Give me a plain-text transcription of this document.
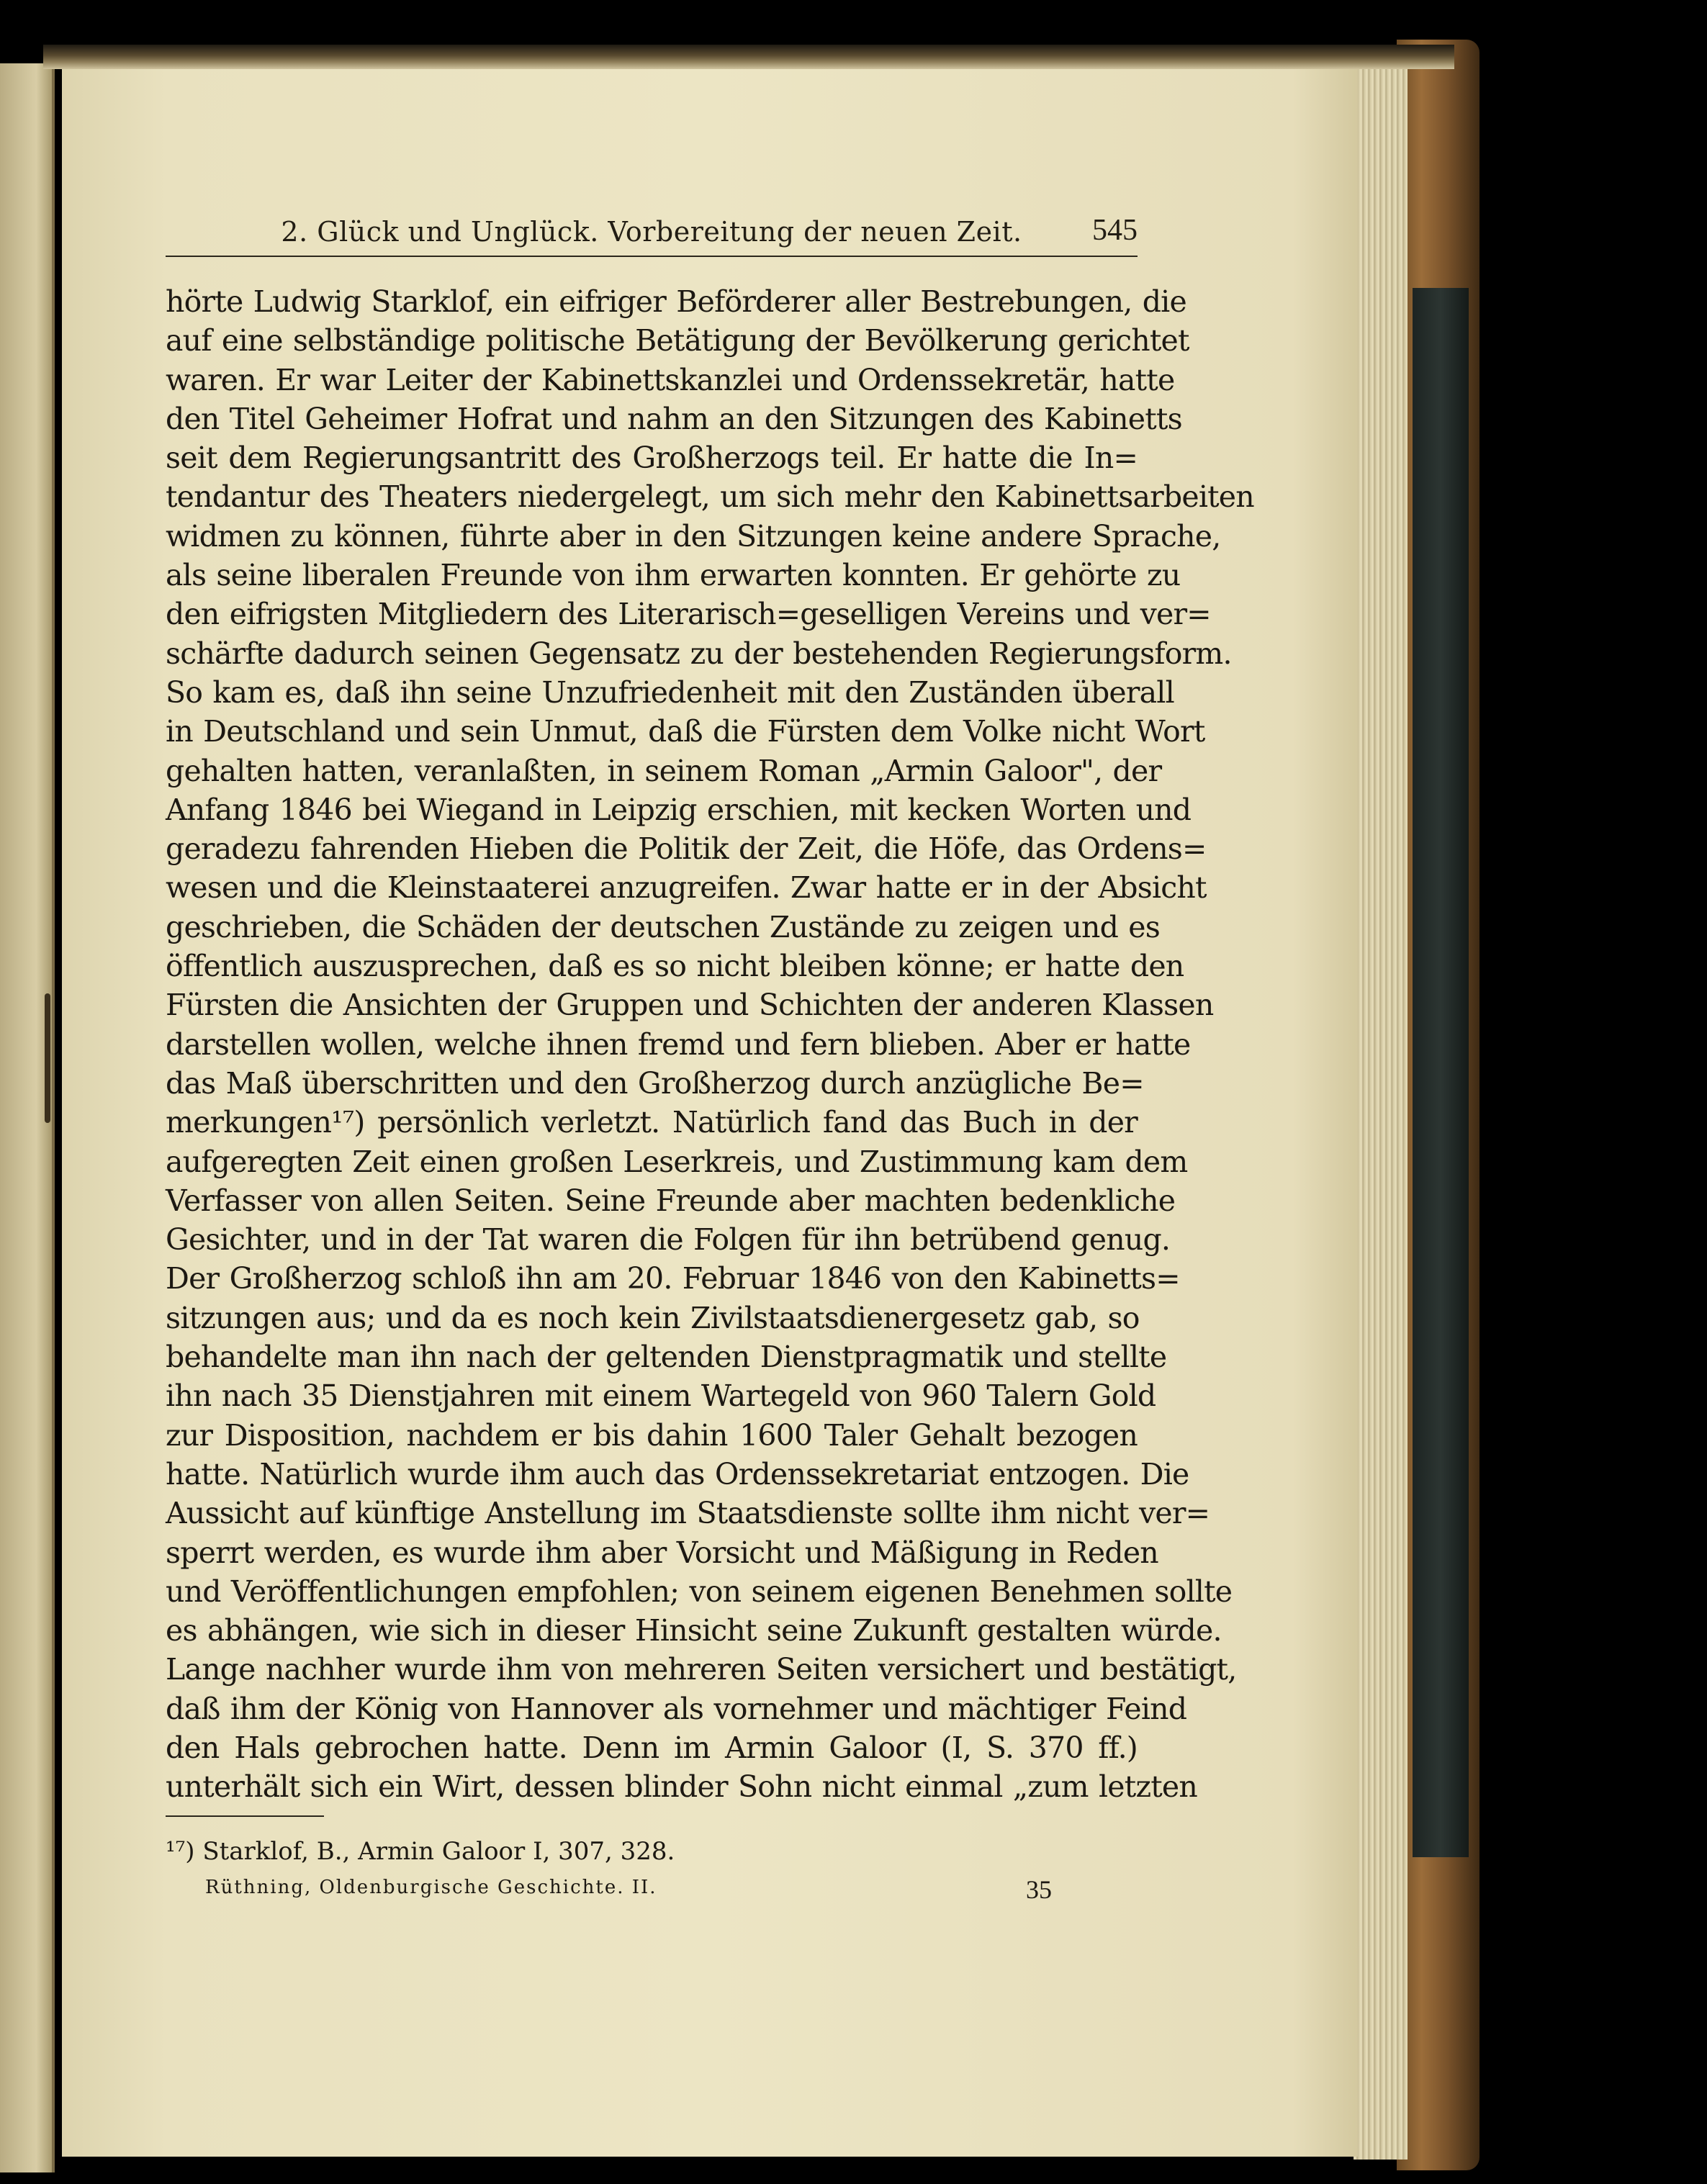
2. Glück und Unglück. Vorbereitung der neuen Zeit.	545
hörte Ludwig Starklof, ein eifriger Beförderer aller Bestrebungen, die
auf eine selbständige politische Betätigung der Bevölkerung gerichtet
waren. Er war Leiter der Kabinettskanzlei und Ordenssekretär, hatte
den Titel Geheimer Hofrat und nahm an den Sitzungen des Kabinetts
seit dem Regierungsantritt des Großherzogs teil. Er hatte die In=
tendantur des Theaters niedergelegt, um sich mehr den Kabinettsarbeiten
widmen zu können, führte aber in den Sitzungen keine andere Sprache,
als seine liberalen Freunde von ihm erwarten konnten. Er gehörte zu
den eifrigsten Mitgliedern des Literarisch=geselligen Vereins und ver=
schärfte dadurch seinen Gegensatz zu der bestehenden Regierungsform.
So kam es, daß ihn seine Unzufriedenheit mit den Zuständen überall
in Deutschland und sein Unmut, daß die Fürsten dem Volke nicht Wort
gehalten hatten, veranlaßten, in seinem Roman „Armin Galoor", der
Anfang 1846 bei Wiegand in Leipzig erschien, mit kecken Worten und
geradezu fahrenden Hieben die Politik der Zeit, die Höfe, das Ordens=
wesen und die Kleinstaaterei anzugreifen. Zwar hatte er in der Absicht
geschrieben, die Schäden der deutschen Zustände zu zeigen und es
öffentlich auszusprechen, daß es so nicht bleiben könne; er hatte den
Fürsten die Ansichten der Gruppen und Schichten der anderen Klassen
darstellen wollen, welche ihnen fremd und fern blieben. Aber er hatte
das Maß überschritten und den Großherzog durch anzügliche Be=
merkungen¹⁷) persönlich verletzt. Natürlich fand das Buch in der
aufgeregten Zeit einen großen Leserkreis, und Zustimmung kam dem
Verfasser von allen Seiten. Seine Freunde aber machten bedenkliche
Gesichter, und in der Tat waren die Folgen für ihn betrübend genug.
Der Großherzog schloß ihn am 20. Februar 1846 von den Kabinetts=
sitzungen aus; und da es noch kein Zivilstaatsdienergesetz gab, so
behandelte man ihn nach der geltenden Dienstpragmatik und stellte
ihn nach 35 Dienstjahren mit einem Wartegeld von 960 Talern Gold
zur Disposition, nachdem er bis dahin 1600 Taler Gehalt bezogen
hatte. Natürlich wurde ihm auch das Ordenssekretariat entzogen. Die
Aussicht auf künftige Anstellung im Staatsdienste sollte ihm nicht ver=
sperrt werden, es wurde ihm aber Vorsicht und Mäßigung in Reden
und Veröffentlichungen empfohlen; von seinem eigenen Benehmen sollte
es abhängen, wie sich in dieser Hinsicht seine Zukunft gestalten würde.
Lange nachher wurde ihm von mehreren Seiten versichert und bestätigt,
daß ihm der König von Hannover als vornehmer und mächtiger Feind
den Hals gebrochen hatte. Denn im Armin Galoor (I, S. 370 ff.)
unterhält sich ein Wirt, dessen blinder Sohn nicht einmal „zum letzten
¹⁷) Starklof, B., Armin Galoor I, 307, 328.
Rüthning, Oldenburgische Geschichte. II.	35
